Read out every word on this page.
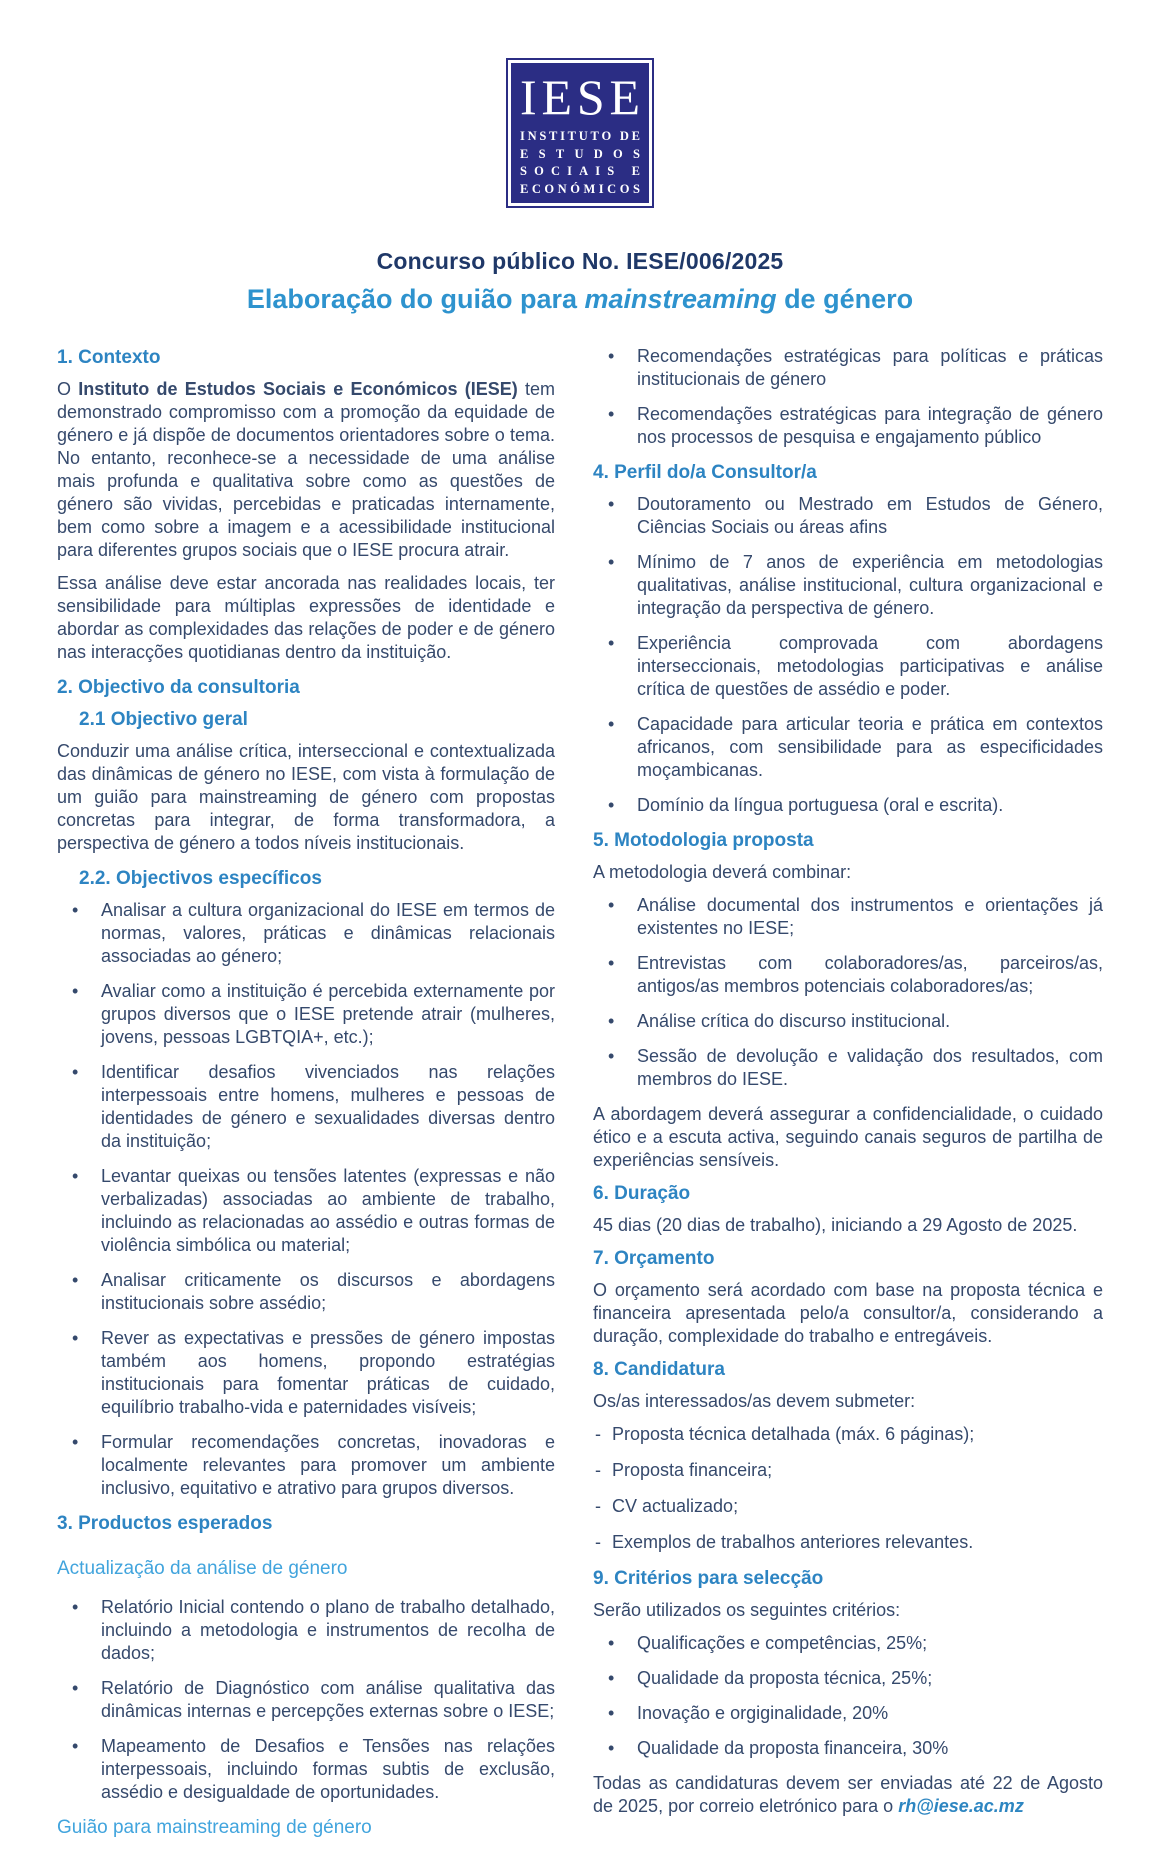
I E S E
I N S T I T U T O
D E
E S T U D O S
S O C I A I S
E
E C O N Ó M I C O S
Concurso público No. IESE/006/2025
Elaboração do guião para mainstreaming de género
1. Contexto

O Instituto de Estudos Sociais e Económicos (IESE) tem demonstrado compromisso com a promoção da equidade de género e já dispõe de documentos orientadores sobre o tema. No entanto, reconhece-se a necessidade de uma análise mais profunda e qualitativa sobre como as questões de género são vividas, percebidas e praticadas internamente, bem como sobre a imagem e a acessibilidade institucional para diferentes grupos sociais que o IESE procura atrair.

Essa análise deve estar ancorada nas realidades locais, ter sensibilidade para múltiplas expressões de identidade e abordar as complexidades das relações de poder e de género nas interacções quotidianas dentro da instituição.

2. Objectivo da consultoria
2.1 Objectivo geral

Conduzir uma análise crítica, interseccional e contextualizada das dinâmicas de género no IESE, com vista à formulação de um guião para mainstreaming de género com propostas concretas para integrar, de forma transformadora, a perspectiva de género a todos níveis institucionais.

2.2. Objectivos específicos
• Analisar a cultura organizacional do IESE em termos de normas, valores, práticas e dinâmicas relacionais associadas ao género;
• Avaliar como a instituição é percebida externamente por grupos diversos que o IESE pretende atrair (mulheres, jovens, pessoas LGBTQIA+, etc.);
• Identificar desafios vivenciados nas relações interpessoais entre homens, mulheres e pessoas de identidades de género e sexualidades diversas dentro da instituição;
• Levantar queixas ou tensões latentes (expressas e não verbalizadas) associadas ao ambiente de trabalho, incluindo as relacionadas ao assédio e outras formas de violência simbólica ou material;
• Analisar criticamente os discursos e abordagens institucionais sobre assédio;
• Rever as expectativas e pressões de género impostas também aos homens, propondo estratégias institucionais para fomentar práticas de cuidado, equilíbrio trabalho-vida e paternidades visíveis;
• Formular recomendações concretas, inovadoras e localmente relevantes para promover um ambiente inclusivo, equitativo e atrativo para grupos diversos.
3. Productos esperados
Actualização da análise de género
• Relatório Inicial contendo o plano de trabalho detalhado, incluindo a metodologia e instrumentos de recolha de dados;
• Relatório de Diagnóstico com análise qualitativa das dinâmicas internas e percepções externas sobre o IESE;
• Mapeamento de Desafios e Tensões nas relações interpessoais, incluindo formas subtis de exclusão, assédio e desigualdade de oportunidades.
Guião para mainstreaming de género
• Recomendações estratégicas para políticas e práticas institucionais de género
• Recomendações estratégicas para integração de género nos processos de pesquisa e engajamento público
4. Perfil do/a Consultor/a
• Doutoramento ou Mestrado em Estudos de Género, Ciências Sociais ou áreas afins
• Mínimo de 7 anos de experiência em metodologias qualitativas, análise institucional, cultura organizacional e integração da perspectiva de género.
• Experiência comprovada com abordagens interseccionais, metodologias participativas e análise crítica de questões de assédio e poder.
• Capacidade para articular teoria e prática em contextos africanos, com sensibilidade para as especificidades moçambicanas.
• Domínio da língua portuguesa (oral e escrita).
5. Motodologia proposta

A metodologia deverá combinar:

• Análise documental dos instrumentos e orientações já existentes no IESE;
• Entrevistas com colaboradores/as, parceiros/as, antigos/as membros potenciais colaboradores/as;
• Análise crítica do discurso institucional.
• Sessão de devolução e validação dos resultados, com membros do IESE.

A abordagem deverá assegurar a confidencialidade, o cuidado ético e a escuta activa, seguindo canais seguros de partilha de experiências sensíveis.

6. Duração

45 dias (20 dias de trabalho), iniciando a 29 Agosto de 2025.

7. Orçamento

O orçamento será acordado com base na proposta técnica e financeira apresentada pelo/a consultor/a, considerando a duração, complexidade do trabalho e entregáveis.

8. Candidatura

Os/as interessados/as devem submeter:

- Proposta técnica detalhada (máx. 6 páginas);
- Proposta financeira;
- CV actualizado;
- Exemplos de trabalhos anteriores relevantes.
9. Critérios para selecção

Serão utilizados os seguintes critérios:

• Qualificações e competências, 25%;
• Qualidade da proposta técnica, 25%;
• Inovação e orgiginalidade, 20%
• Qualidade da proposta financeira, 30%

Todas as candidaturas devem ser enviadas até 22 de Agosto de 2025, por correio eletrónico para o rh@iese.ac.mz
